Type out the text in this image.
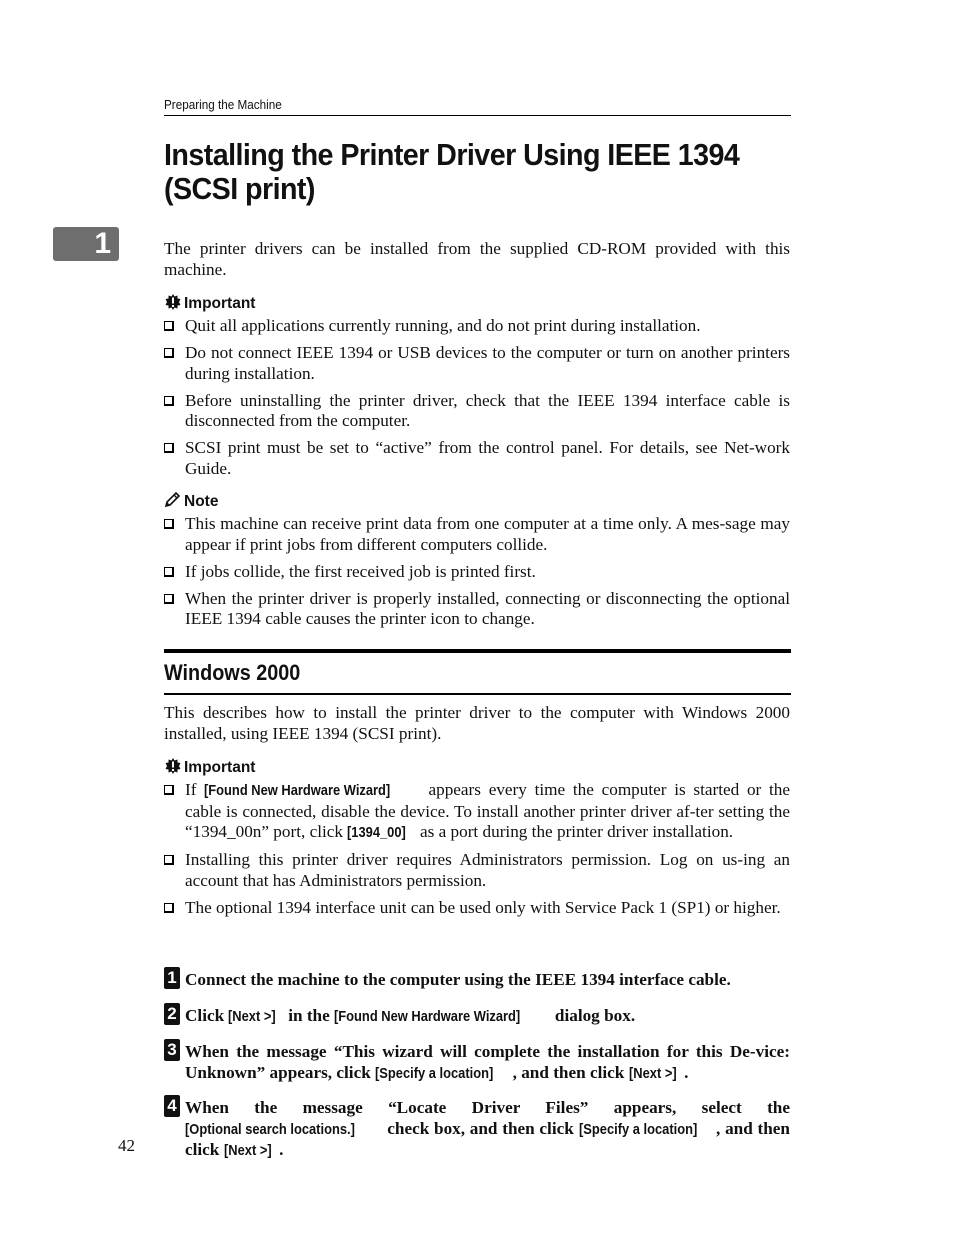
Preparing the Machine
Installing the Printer Driver Using IEEE 1394 (SCSI print)
1	The printer drivers can be installed from the supplied CD-ROM provided with this machine.

Important
Quit all applications currently running, and do not print during installation.
Do not connect IEEE 1394 or USB devices to the computer or turn on another printers during installation.
Before uninstalling the printer driver, check that the IEEE 1394 interface cable is disconnected from the computer.
SCSI print must be set to “active” from the control panel. For details, see Net-work Guide.
Note
This machine can receive print data from one computer at a time only. A mes-sage may appear if print jobs from different computers collide.
If jobs collide, the first received job is printed first.
When the printer driver is properly installed, connecting or disconnecting the optional IEEE 1394 cable causes the printer icon to change.
Windows 2000

This describes how to install the printer driver to the computer with Windows 2000 installed, using IEEE 1394 (SCSI print).

Important
If [Found New Hardware Wizard] appears every time the computer is started or the cable is connected, disable the device. To install another printer driver af-ter setting the “1394_00n” port, click [1394_00] as a port during the printer driver installation.
Installing this printer driver requires Administrators permission. Log on us-ing an account that has Administrators permission.
The optional 1394 interface unit can be used only with Service Pack 1 (SP1) or higher.
1 Connect the machine to the computer using the IEEE 1394 interface cable.

2 Click [Next >] in the [Found New Hardware Wizard] dialog box.

3 When the message “This wizard will complete the installation for this De-vice: Unknown” appears, click [Specify a location] , and then click [Next >] .

4 When the message “Locate Driver Files” appears, select the [Optional search locations.] check box, and then click [Specify a location] , and then click [Next >] .

42
